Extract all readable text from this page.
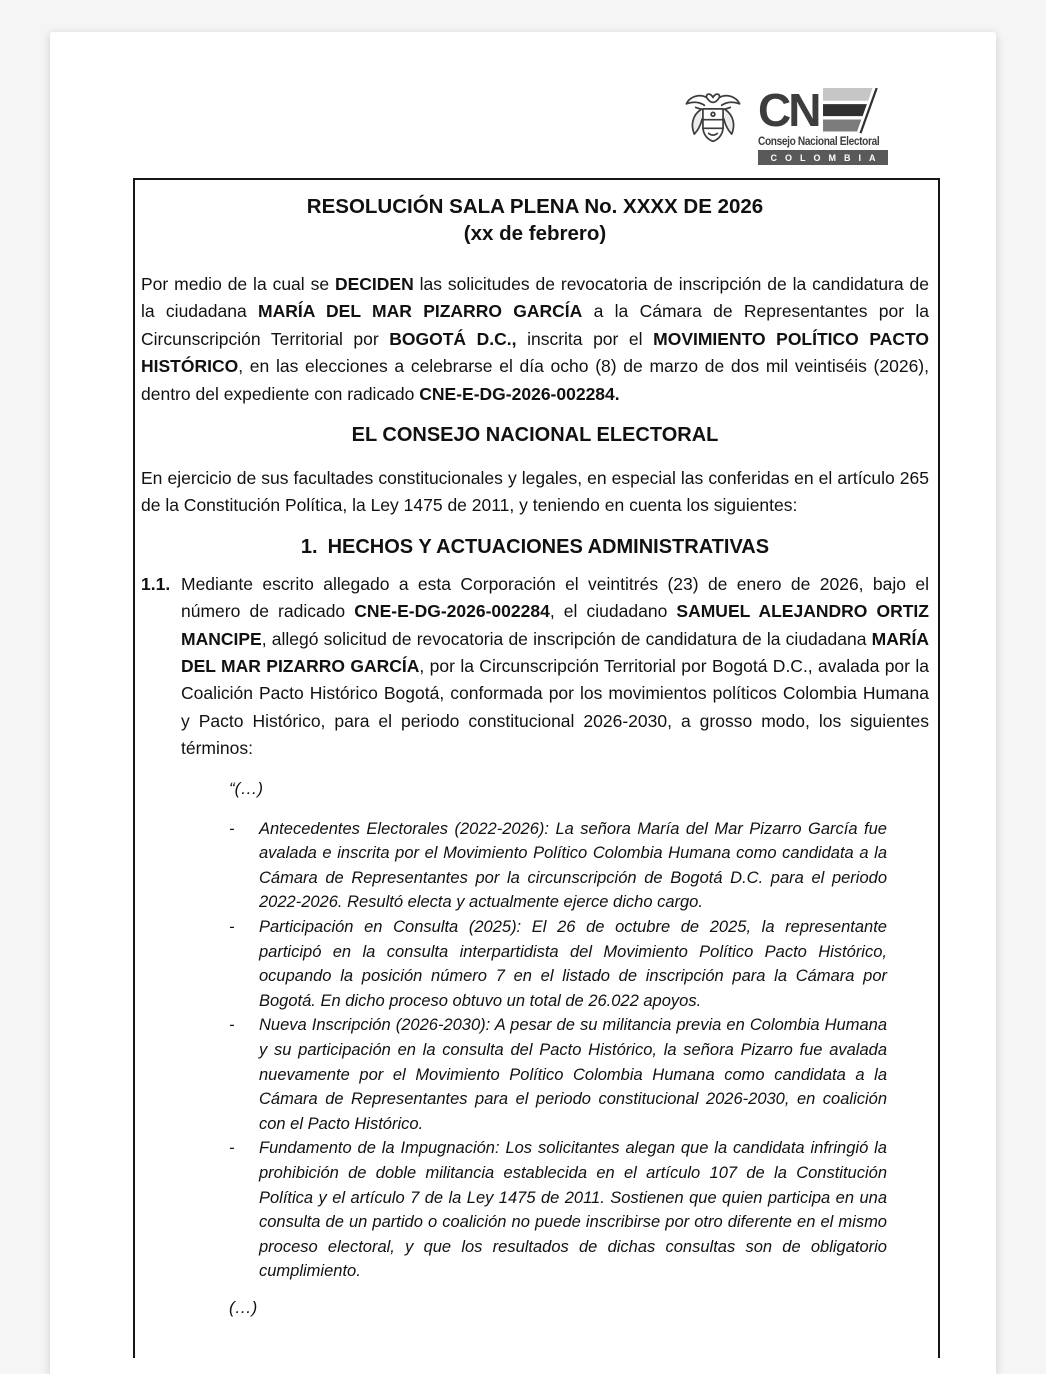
CN
Consejo Nacional Electoral
COLOMBIA
RESOLUCIÓN SALA PLENA No. XXXX DE 2026
(xx de febrero)

Por medio de la cual se DECIDEN las solicitudes de revocatoria de inscripción de la candidatura de la ciudadana MARÍA DEL MAR PIZARRO GARCÍA a la Cámara de Representantes por la Circunscripción Territorial por BOGOTÁ D.C., inscrita por el MOVIMIENTO POLÍTICO PACTO HISTÓRICO, en las elecciones a celebrarse el día ocho (8) de marzo de dos mil veintiséis (2026), dentro del expediente con radicado CNE-E-DG-2026-002284.

EL CONSEJO NACIONAL ELECTORAL

En ejercicio de sus facultades constitucionales y legales, en especial las conferidas en el artículo 265 de la Constitución Política, la Ley 1475 de 2011, y teniendo en cuenta los siguientes:

1. HECHOS Y ACTUACIONES ADMINISTRATIVAS
1.1. Mediante escrito allegado a esta Corporación el veintitrés (23) de enero de 2026, bajo el número de radicado CNE-E-DG-2026-002284, el ciudadano SAMUEL ALEJANDRO ORTIZ MANCIPE, allegó solicitud de revocatoria de inscripción de candidatura de la ciudadana MARÍA DEL MAR PIZARRO GARCÍA, por la Circunscripción Territorial por Bogotá D.C., avalada por la Coalición Pacto Histórico Bogotá, conformada por los movimientos políticos Colombia Humana y Pacto Histórico, para el periodo constitucional 2026-2030, a grosso modo, los siguientes términos:

“(…)
-	Antecedentes Electorales (2022-2026): La señora María del Mar Pizarro García fue avalada e inscrita por el Movimiento Político Colombia Humana como candidata a la Cámara de Representantes por la circunscripción de Bogotá D.C. para el periodo 2022-2026. Resultó electa y actualmente ejerce dicho cargo.
-	Participación en Consulta (2025): El 26 de octubre de 2025, la representante participó en la consulta interpartidista del Movimiento Político Pacto Histórico, ocupando la posición número 7 en el listado de inscripción para la Cámara por Bogotá. En dicho proceso obtuvo un total de 26.022 apoyos.
-	Nueva Inscripción (2026-2030): A pesar de su militancia previa en Colombia Humana y su participación en la consulta del Pacto Histórico, la señora Pizarro fue avalada nuevamente por el Movimiento Político Colombia Humana como candidata a la Cámara de Representantes para el periodo constitucional 2026-2030, en coalición con el Pacto Histórico.
-	Fundamento de la Impugnación: Los solicitantes alegan que la candidata infringió la prohibición de doble militancia establecida en el artículo 107 de la Constitución Política y el artículo 7 de la Ley 1475 de 2011. Sostienen que quien participa en una consulta de un partido o coalición no puede inscribirse por otro diferente en el mismo proceso electoral, y que los resultados de dichas consultas son de obligatorio cumplimiento.
(…)
